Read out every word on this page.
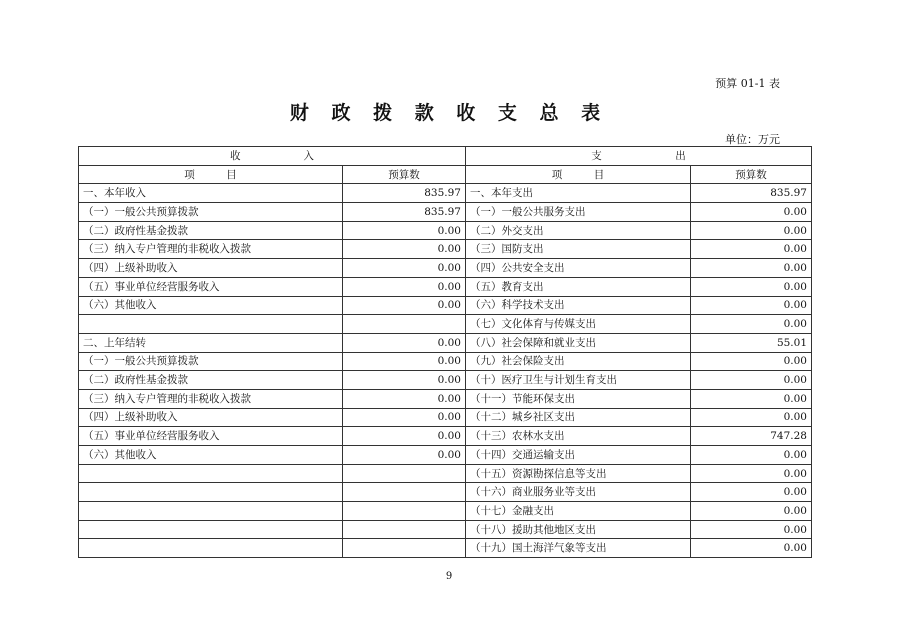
预算 01-1 表
财 政 拨 款 收 支 总 表
单位：万元
收　　　　　　入		支　　　　　　　出	
项　　　目	预算数	项　　　目	预算数
一、本年收入	835.97	一、本年支出	835.97
（一）一般公共预算拨款	835.97	（一）一般公共服务支出	0.00
（二）政府性基金拨款	0.00	（二）外交支出	0.00
（三）纳入专户管理的非税收入拨款	0.00	（三）国防支出	0.00
（四）上级补助收入	0.00	（四）公共安全支出	0.00
（五）事业单位经营服务收入	0.00	（五）教育支出	0.00
（六）其他收入	0.00	（六）科学技术支出	0.00
		（七）文化体育与传媒支出	0.00
二、上年结转	0.00	（八）社会保障和就业支出	55.01
（一）一般公共预算拨款	0.00	（九）社会保险支出	0.00
（二）政府性基金拨款	0.00	（十）医疗卫生与计划生育支出	0.00
（三）纳入专户管理的非税收入拨款	0.00	（十一）节能环保支出	0.00
（四）上级补助收入	0.00	（十二）城乡社区支出	0.00
（五）事业单位经营服务收入	0.00	（十三）农林水支出	747.28
（六）其他收入	0.00	（十四）交通运输支出	0.00
		（十五）资源勘探信息等支出	0.00
		（十六）商业服务业等支出	0.00
		（十七）金融支出	0.00
		（十八）援助其他地区支出	0.00
		（十九）国土海洋气象等支出	0.00
9
